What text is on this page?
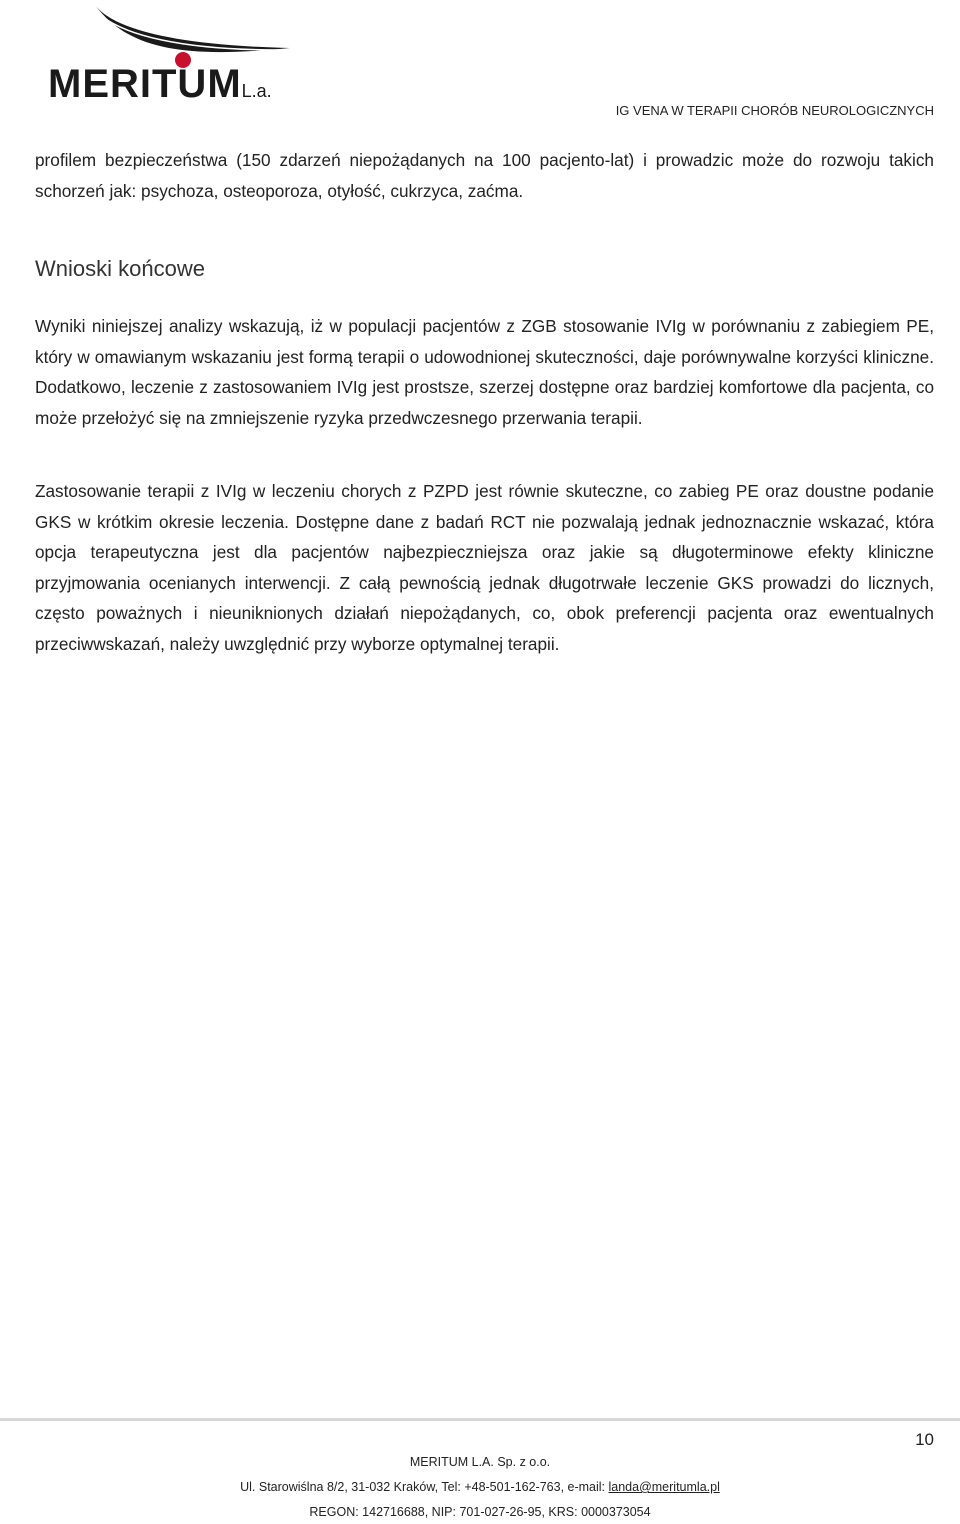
MERITUML.a.
IG VENA W TERAPII CHORÓB NEUROLOGICZNYCH

profilem bezpieczeństwa (150 zdarzeń niepożądanych na 100 pacjento-lat) i prowadzic może do rozwoju takich schorzeń jak: psychoza, osteoporoza, otyłość, cukrzyca, zaćma.

Wnioski końcowe

Wyniki niniejszej analizy wskazują, iż w populacji pacjentów z ZGB stosowanie IVIg w porównaniu z zabiegiem PE, który w omawianym wskazaniu jest formą terapii o udowodnionej skuteczności, daje porównywalne korzyści kliniczne. Dodatkowo, leczenie z zastosowaniem IVIg jest prostsze, szerzej dostępne oraz bardziej komfortowe dla pacjenta, co może przełożyć się na zmniejszenie ryzyka przedwczesnego przerwania terapii.

Zastosowanie terapii z IVIg w leczeniu chorych z PZPD jest równie skuteczne, co zabieg PE oraz doustne podanie GKS w krótkim okresie leczenia. Dostępne dane z badań RCT nie pozwalają jednak jednoznacznie wskazać, która opcja terapeutyczna jest dla pacjentów najbezpieczniejsza oraz jakie są długoterminowe efekty kliniczne przyjmowania ocenianych interwencji. Z całą pewnością jednak długotrwałe leczenie GKS prowadzi do licznych, często poważnych i nieuniknionych działań niepożądanych, co, obok preferencji pacjenta oraz ewentualnych przeciwwskazań, należy uwzględnić przy wyborze optymalnej terapii.

10
MERITUM L.A. Sp. z o.o.
Ul. Starowiślna 8/2, 31-032 Kraków, Tel: +48-501-162-763, e-mail: landa@meritumla.pl
REGON: 142716688, NIP: 701-027-26-95, KRS: 0000373054
